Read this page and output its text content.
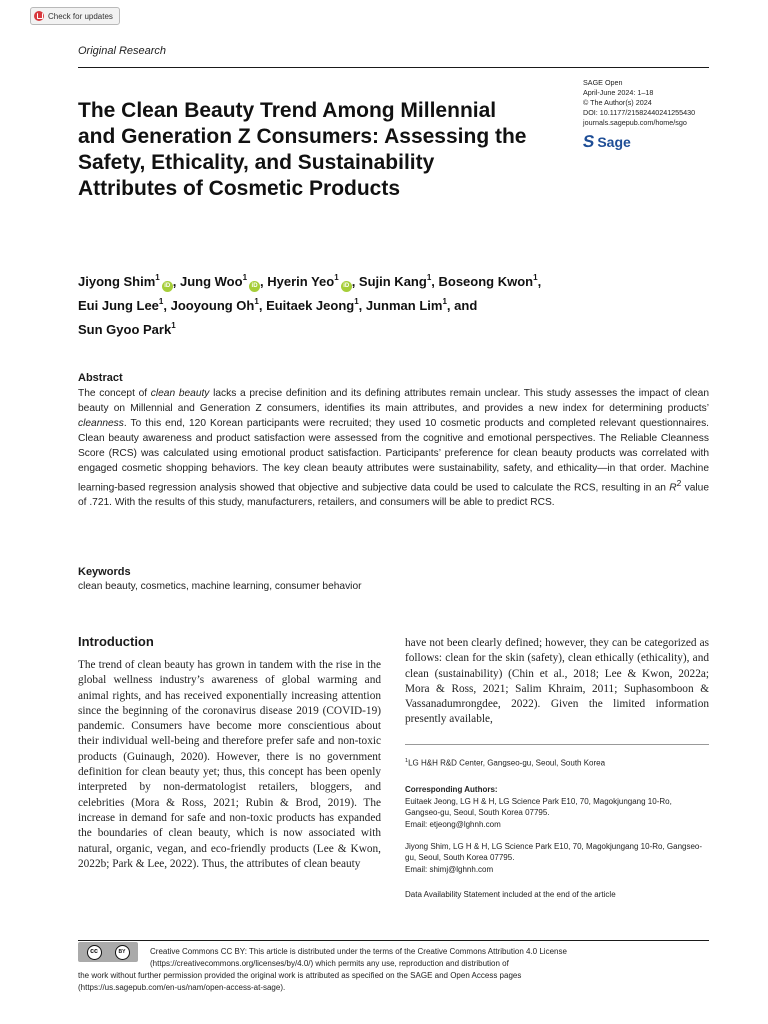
Check for updates
Original Research
SAGE Open
April-June 2024: 1–18
© The Author(s) 2024
DOI: 10.1177/21582440241255430
journals.sagepub.com/home/sgo
S Sage
The Clean Beauty Trend Among Millennial and Generation Z Consumers: Assessing the Safety, Ethicality, and Sustainability Attributes of Cosmetic Products
Jiyong Shim$^1$iD , Jung Woo$^1$iD , Hyerin Yeo$^1$iD , Sujin Kang$^1$, Boseong Kwon$^1$,
Eui Jung Lee$^1$, Jooyoung Oh$^1$, Euitaek Jeong$^1$, Junman Lim$^1$, and
Sun Gyoo Park$^1$
Abstract
The concept of clean beauty lacks a precise definition and its defining attributes remain unclear. This study assesses the impact of clean beauty on Millennial and Generation Z consumers, identifies its main attributes, and provides a new index for determining products’ cleanness. To this end, 120 Korean participants were recruited; they used 10 cosmetic products and completed relevant questionnaires. Clean beauty awareness and product satisfaction were assessed from the cognitive and emotional perspectives. The Reliable Cleanness Score (RCS) was calculated using emotional product satisfaction. Participants’ preference for clean beauty products was correlated with engaged cosmetic shopping behaviors. The key clean beauty attributes were sustainability, safety, and ethicality—in that order. Machine learning-based regression analysis showed that objective and subjective data could be used to calculate the RCS, resulting in an $R^2$ value of .721. With the results of this study, manufacturers, retailers, and consumers will be able to predict RCS.
Keywords
clean beauty, cosmetics, machine learning, consumer behavior
Introduction
The trend of clean beauty has grown in tandem with the rise in the global wellness industry’s awareness of global warming and animal rights, and has received exponentially increasing attention since the beginning of the coronavirus disease 2019 (COVID-19) pandemic. Consumers have become more conscientious about their individual well-being and therefore prefer safe and non-toxic products (Guinaugh, 2020). However, there is no government definition for clean beauty yet; thus, this concept has been openly interpreted by non-dermatologist retailers, bloggers, and celebrities (Mora & Ross, 2021; Rubin & Brod, 2019). The increase in demand for safe and non-toxic products has expanded the boundaries of clean beauty, which is now associated with natural, organic, vegan, and eco-friendly products (Lee & Kwon, 2022b; Park & Lee, 2022). Thus, the attributes of clean beauty
have not been clearly defined; however, they can be categorized as follows: clean for the skin (safety), clean ethically (ethicality), and clean (sustainability) (Chin et al., 2018; Lee & Kwon, 2022a; Mora & Ross, 2021; Salim Khraim, 2011; Suphasomboon & Vassanadumrongdee, 2022). Given the limited information presently available,

$^1$LG H&H R&D Center, Gangseo-gu, Seoul, South Korea

Corresponding Authors:

Euitaek Jeong, LG H & H, LG Science Park E10, 70, Magokjungang 10-Ro, Gangseo-gu, Seoul, South Korea 07795.

Email: etjeong@lghnh.com

Jiyong Shim, LG H & H, LG Science Park E10, 70, Magokjungang 10-Ro, Gangseo-gu, Seoul, South Korea 07795.

Email: shimj@lghnh.com

Data Availability Statement included at the end of the article

cc	BY	Creative Commons CC BY: This article is distributed under the terms of the Creative Commons Attribution 4.0 License
(https://creativecommons.org/licenses/by/4.0/) which permits any use, reproduction and distribution of
the work without further permission provided the original work is attributed as specified on the SAGE and Open Access pages
(https://us.sagepub.com/en-us/nam/open-access-at-sage).
